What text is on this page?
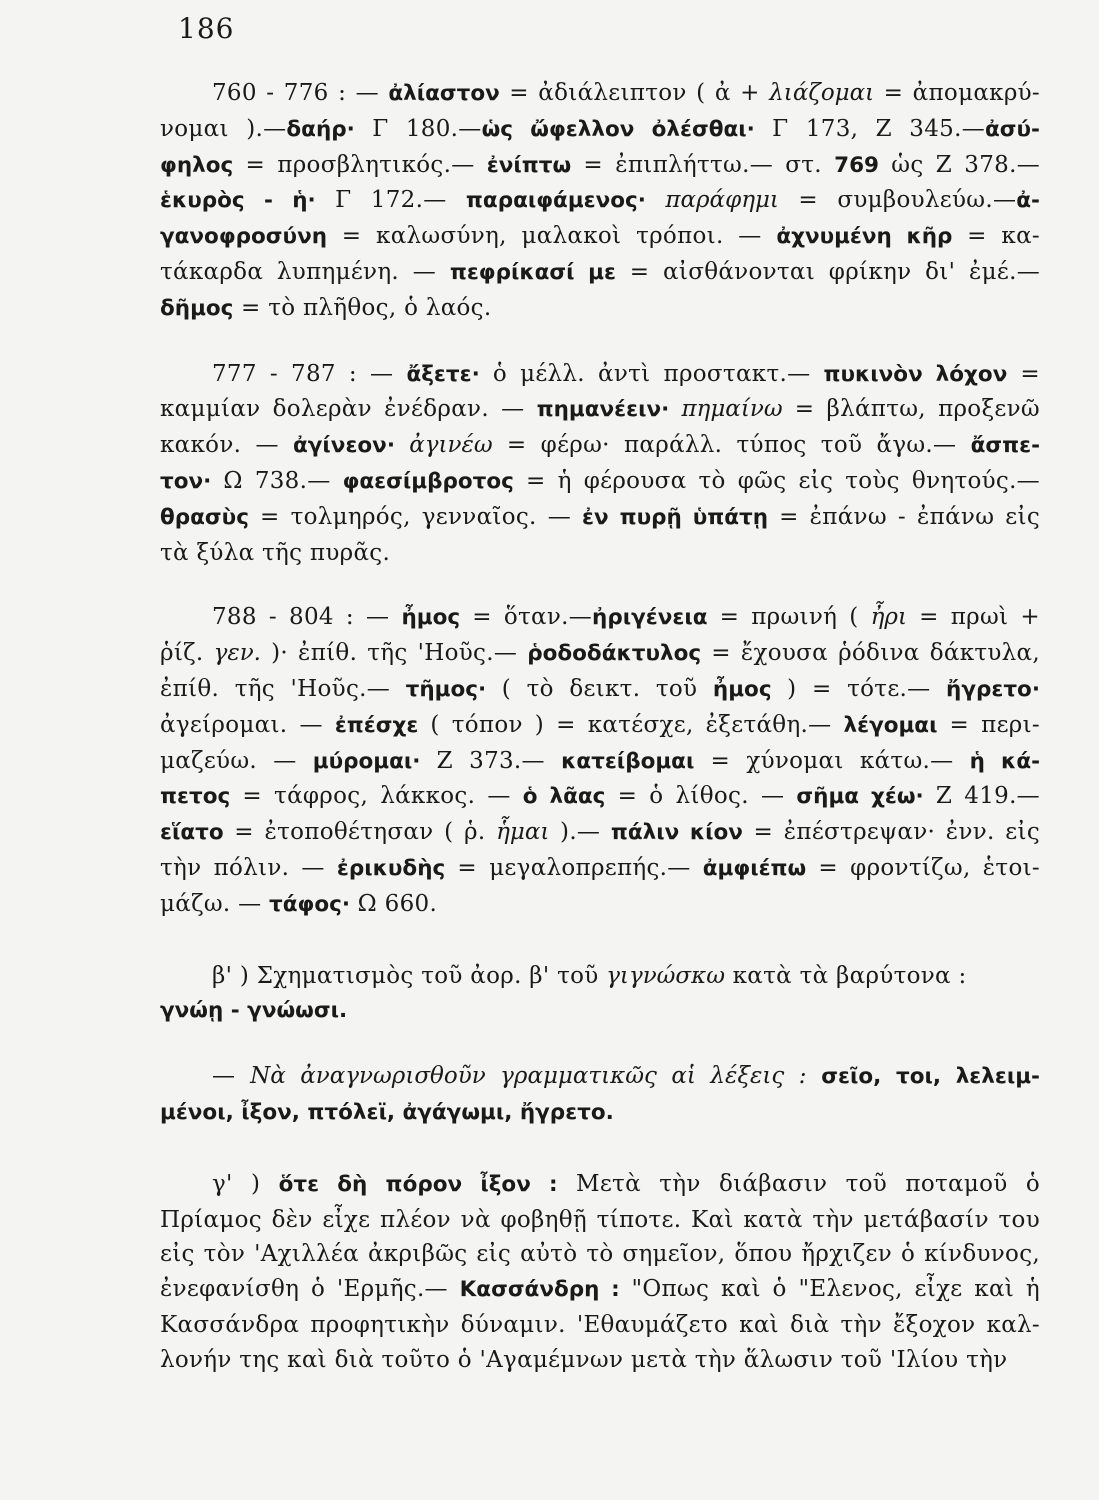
186
760 - 776 : — ἀλίαστον = ἀδιάλειπτον ( ἀ + λιάζομαι = ἀπομακρύ-
νομαι ).—δαήρ· Γ 180.—ὡς ὤφελλον ὀλέσθαι· Γ 173, Ζ 345.—ἀσύ-
φηλος = προσβλητικός.— ἐνίπτω = ἐπιπλήττω.— στ. 769 ὡς Ζ 378.—
ἑκυρὸς - ἡ· Γ 172.— παραιφάμενος· παράφημι = συμβουλεύω.—ἀ-
γανοφροσύνη = καλωσύνη, μαλακοὶ τρόποι. — ἀχνυμένη κῆρ = κα-
τάκαρδα λυπημένη. — πεφρίκασί με = αἰσθάνονται φρίκην δι' ἐμέ.—
δῆμος = τὸ πλῆθος, ὁ λαός.
777 - 787 : — ἄξετε· ὁ μέλλ. ἀντὶ προστακτ.— πυκινὸν λόχον =
καμμίαν δολερὰν ἐνέδραν. — πημανέειν· πημαίνω = βλάπτω, προξενῶ
κακόν. — ἀγίνεον· ἀγινέω = φέρω· παράλλ. τύπος τοῦ ἄγω.— ἄσπε-
τον· Ω 738.— φαεσίμβροτος = ἡ φέρουσα τὸ φῶς εἰς τοὺς θνητούς.—
θρασὺς = τολμηρός, γενναῖος. — ἐν πυρῇ ὑπάτῃ = ἐπάνω - ἐπάνω εἰς
τὰ ξύλα τῆς πυρᾶς.
788 - 804 : — ἦμος = ὅταν.—ἠριγένεια = πρωινή ( ἦρι = πρωὶ +
ῥίζ. γεν. )· ἐπίθ. τῆς 'Ηοῦς.— ῥοδοδάκτυλος = ἔχουσα ῥόδινα δάκτυλα,
ἐπίθ. τῆς 'Ηοῦς.— τῆμος· ( τὸ δεικτ. τοῦ ἦμος ) = τότε.— ἤγρετο·
ἀγείρομαι. — ἐπέσχε ( τόπον ) = κατέσχε, ἐξετάθη.— λέγομαι = περι-
μαζεύω. — μύρομαι· Ζ 373.— κατείβομαι = χύνομαι κάτω.— ἡ κά-
πετος = τάφρος, λάκκος. — ὁ λᾶας = ὁ λίθος. — σῆμα χέω· Ζ 419.—
εἵατο = ἐτοποθέτησαν ( ῥ. ἧμαι ).— πάλιν κίον = ἐπέστρεψαν· ἐνν. εἰς
τὴν πόλιν. — ἐρικυδὴς = μεγαλοπρεπής.— ἀμφιέπω = φροντίζω, ἑτοι-
μάζω. — τάφος· Ω 660.
β' ) Σχηματισμὸς τοῦ ἀορ. β' τοῦ γιγνώσκω κατὰ τὰ βαρύτονα :
γνώῃ - γνώωσι.
— Νὰ ἀναγνωρισθοῦν γραμματικῶς αἱ λέξεις : σεῖο, τοι, λελειμ-
μένοι, ἶξον, πτόλεϊ, ἀγάγωμι, ἤγρετο.
γ' ) ὅτε δὴ πόρον ἶξον : Μετὰ τὴν διάβασιν τοῦ ποταμοῦ ὁ
Πρίαμος δὲν εἶχε πλέον νὰ φοβηθῇ τίποτε. Καὶ κατὰ τὴν μετάβασίν του
εἰς τὸν 'Αχιλλέα ἀκριβῶς εἰς αὐτὸ τὸ σημεῖον, ὅπου ἤρχιζεν ὁ κίνδυνος,
ἐνεφανίσθη ὁ 'Ερμῆς.— Κασσάνδρη : "Οπως καὶ ὁ "Ελενος, εἶχε καὶ ἡ
Κασσάνδρα προφητικὴν δύναμιν. 'Εθαυμάζετο καὶ διὰ τὴν ἔξοχον καλ-
λονήν της καὶ διὰ τοῦτο ὁ 'Αγαμέμνων μετὰ τὴν ἅλωσιν τοῦ 'Ιλίου τὴν
